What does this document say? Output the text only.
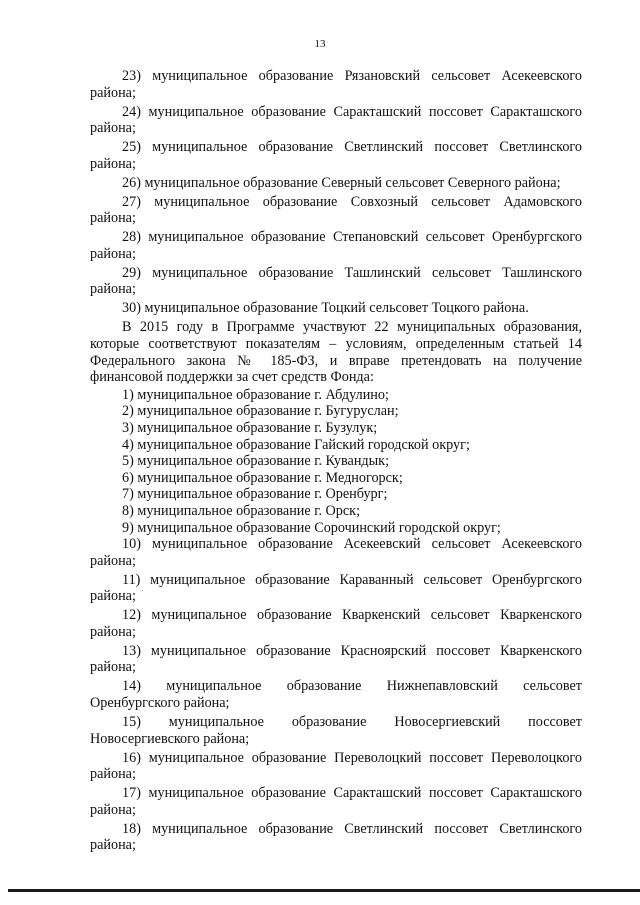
13

23) муниципальное образование Рязановский сельсовет Асекеевского района;

24) муниципальное образование Саракташский поссовет Саракташского района;

25) муниципальное образование Светлинский поссовет Светлинского района;

26) муниципальное образование Северный сельсовет Северного района;

27) муниципальное образование Совхозный сельсовет Адамовского района;

28) муниципальное образование Степановский сельсовет Оренбургского района;

29) муниципальное образование Ташлинский сельсовет Ташлинского района;

30) муниципальное образование Тоцкий сельсовет Тоцкого района.

В 2015 году в Программе участвуют 22 муниципальных образования, которые соответствуют показателям – условиям, определенным статьей 14 Федерального закона № 185-ФЗ, и вправе претендовать на получение финансовой поддержки за счет средств Фонда:

1) муниципальное образование г. Абдулино;

2) муниципальное образование г. Бугуруслан;

3) муниципальное образование г. Бузулук;

4) муниципальное образование Гайский городской округ;

5) муниципальное образование г. Кувандык;

6) муниципальное образование г. Медногорск;

7) муниципальное образование г. Оренбург;

8) муниципальное образование г. Орск;

9) муниципальное образование Сорочинский городской округ;

10) муниципальное образование Асекеевский сельсовет Асекеевского района;

11) муниципальное образование Караванный сельсовет Оренбургского района;

12) муниципальное образование Кваркенский сельсовет Кваркенского района;

13) муниципальное образование Красноярский поссовет Кваркенского района;

14) муниципальное образование Нижнепавловский сельсовет Оренбургского района;

15) муниципальное образование Новосергиевский поссовет Новосергиевского района;

16) муниципальное образование Переволоцкий поссовет Переволоцкого района;

17) муниципальное образование Саракташский поссовет Саракташского района;

18) муниципальное образование Светлинский поссовет Светлинского района;
